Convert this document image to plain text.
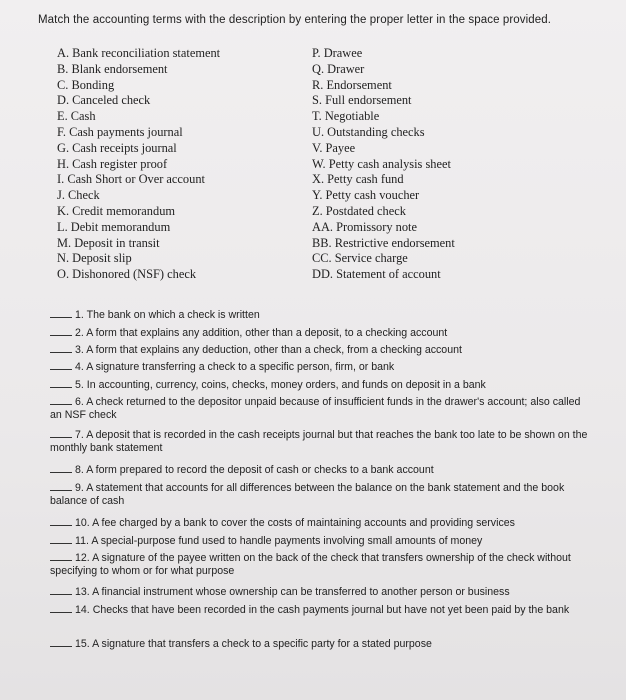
Match the accounting terms with the description by entering the proper letter in the space provided.
A. Bank reconciliation statement
B. Blank endorsement
C. Bonding
D. Canceled check
E. Cash
F. Cash payments journal
G. Cash receipts journal
H. Cash register proof
I. Cash Short or Over account
J. Check
K. Credit memorandum
L. Debit memorandum
M. Deposit in transit
N. Deposit slip
O. Dishonored (NSF) check
P. Drawee
Q. Drawer
R. Endorsement
S. Full endorsement
T. Negotiable
U. Outstanding checks
V. Payee
W. Petty cash analysis sheet
X. Petty cash fund
Y. Petty cash voucher
Z. Postdated check
AA. Promissory note
BB. Restrictive endorsement
CC. Service charge
DD. Statement of account
1 . The bank on which a check is written
2 . A form that explains any addition, other than a deposit, to a checking account
3 . A form that explains any deduction, other than a check, from a checking account
4 . A signature transferring a check to a specific person, firm, or bank
5 . In accounting, currency, coins, checks, money orders, and funds on deposit in a bank
6 . A check returned to the depositor unpaid because of insufficient funds in the drawer's account; also called an NSF check
7 . A deposit that is recorded in the cash receipts journal but that reaches the bank too late to be shown on the monthly bank statement
8 . A form prepared to record the deposit of cash or checks to a bank account
9 . A statement that accounts for all differences between the balance on the bank statement and the book balance of cash
10 . A fee charged by a bank to cover the costs of maintaining accounts and providing services
11 . A special-purpose fund used to handle payments involving small amounts of money
12 . A signature of the payee written on the back of the check that transfers ownership of the check without specifying to whom or for what purpose
13 . A financial instrument whose ownership can be transferred to another person or business
14 . Checks that have been recorded in the cash payments journal but have not yet been paid by the bank
15 . A signature that transfers a check to a specific party for a stated purpose
